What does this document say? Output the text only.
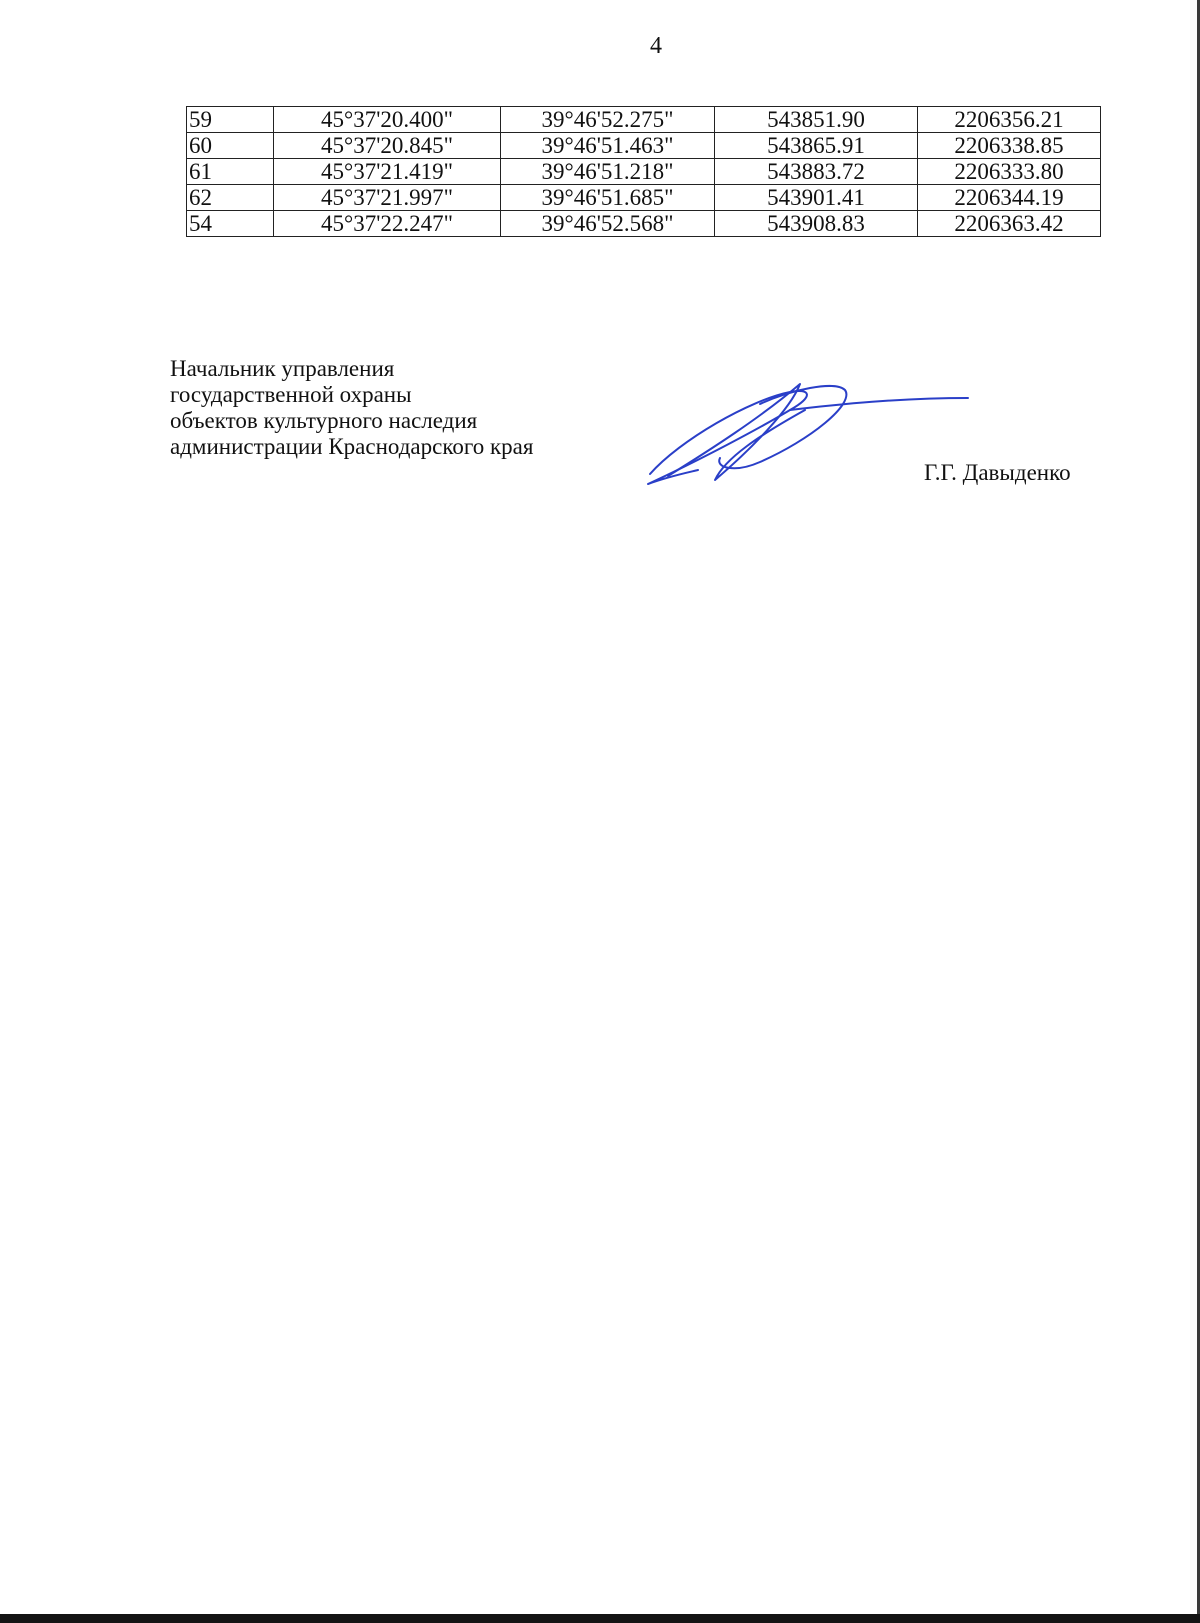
4
59	45°37'20.400"	39°46'52.275"	543851.90	2206356.21
60	45°37'20.845"	39°46'51.463"	543865.91	2206338.85
61	45°37'21.419"	39°46'51.218"	543883.72	2206333.80
62	45°37'21.997"	39°46'51.685"	543901.41	2206344.19
54	45°37'22.247"	39°46'52.568"	543908.83	2206363.42
Начальник управления
государственной охраны
объектов культурного наследия
администрации Краснодарского края
Г.Г. Давыденко
